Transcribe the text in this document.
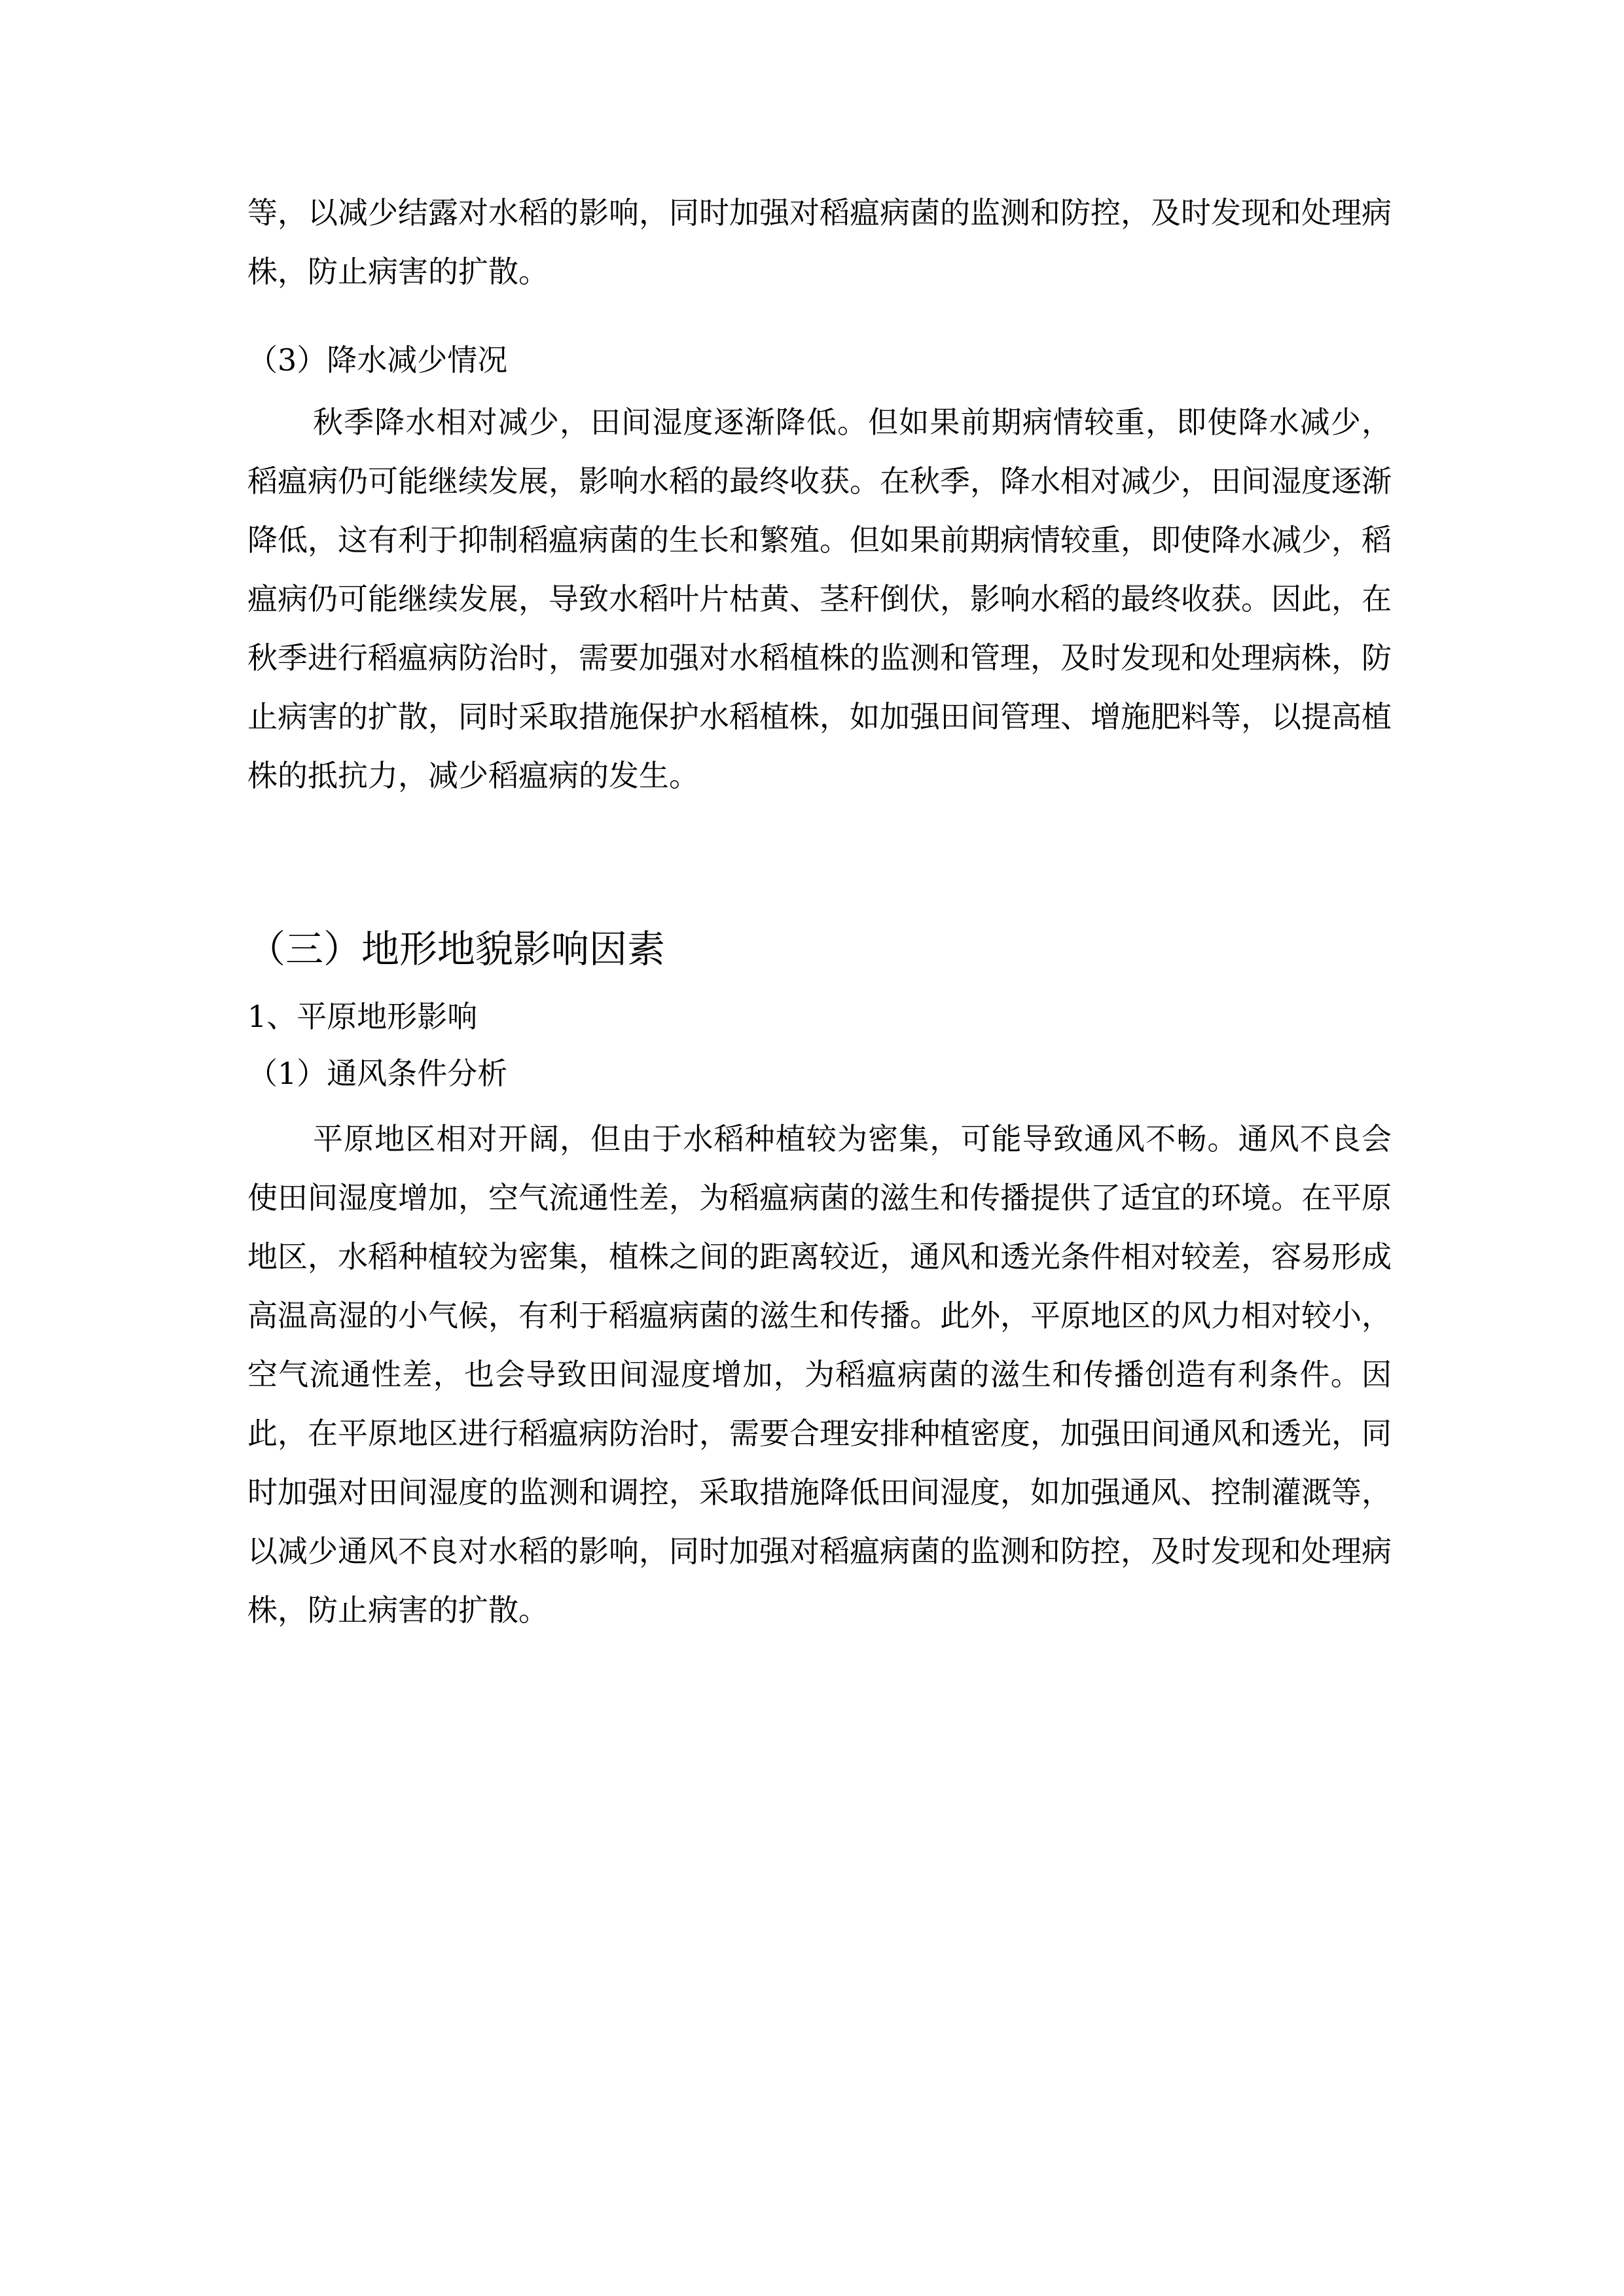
等，以减少结露对水稻的影响，同时加强对稻瘟病菌的监测和防控，及时发现和处理病株，防止病害的扩散。

（3）降水减少情况

秋季降水相对减少，田间湿度逐渐降低。但如果前期病情较重，即使降水减少，稻瘟病仍可能继续发展，影响水稻的最终收获。在秋季，降水相对减少，田间湿度逐渐降低，这有利于抑制稻瘟病菌的生长和繁殖。但如果前期病情较重，即使降水减少，稻瘟病仍可能继续发展，导致水稻叶片枯黄、茎秆倒伏，影响水稻的最终收获。因此，在秋季进行稻瘟病防治时，需要加强对水稻植株的监测和管理，及时发现和处理病株，防止病害的扩散，同时采取措施保护水稻植株，如加强田间管理、增施肥料等，以提高植株的抵抗力，减少稻瘟病的发生。

（三）地形地貌影响因素

1、平原地形影响

（1）通风条件分析

平原地区相对开阔，但由于水稻种植较为密集，可能导致通风不畅。通风不良会使田间湿度增加，空气流通性差，为稻瘟病菌的滋生和传播提供了适宜的环境。在平原地区，水稻种植较为密集，植株之间的距离较近，通风和透光条件相对较差，容易形成高温高湿的小气候，有利于稻瘟病菌的滋生和传播。此外，平原地区的风力相对较小，空气流通性差，也会导致田间湿度增加，为稻瘟病菌的滋生和传播创造有利条件。因此，在平原地区进行稻瘟病防治时，需要合理安排种植密度，加强田间通风和透光，同时加强对田间湿度的监测和调控，采取措施降低田间湿度，如加强通风、控制灌溉等，以减少通风不良对水稻的影响，同时加强对稻瘟病菌的监测和防控，及时发现和处理病株，防止病害的扩散。
